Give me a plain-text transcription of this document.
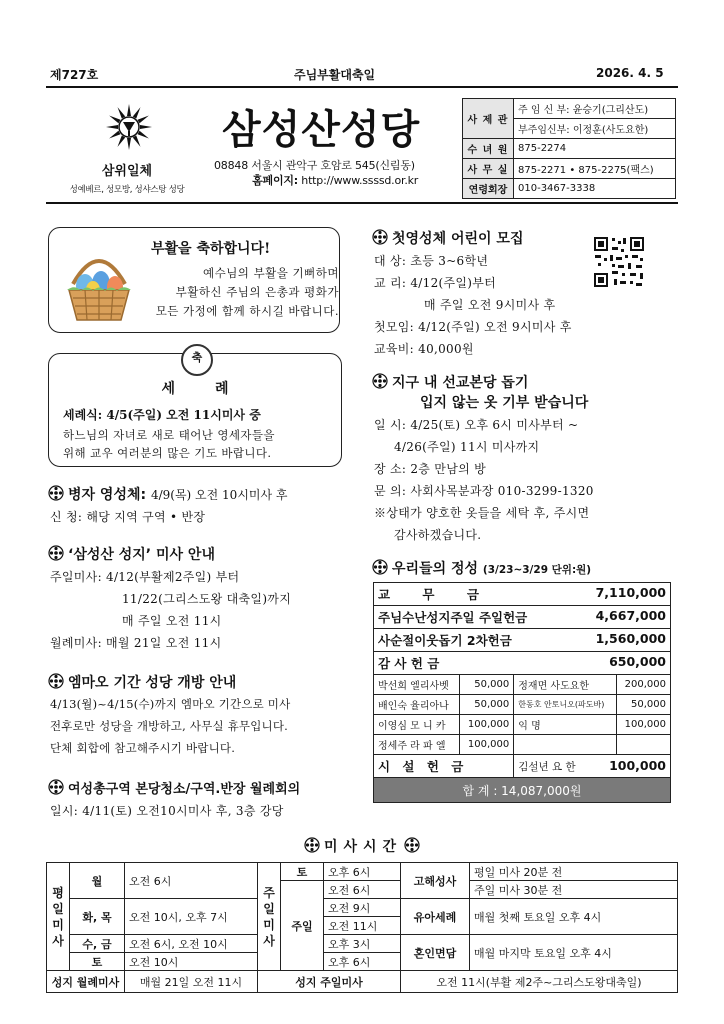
제727호	주님부활대축일	2026. 4. 5
삼성산성당
삼위일체
성예베르, 성모방, 성샤스탕 성당
08848 서울시 관악구 호암로 545(신림동)
홈페이지: http://www.ssssd.or.kr
사 제 관	주 임 신 부: 윤승기(그리산도)
	부주임신부: 이정훈(사도요한)
수 녀 원	875-2274
사 무 실	875-2271 • 875-2275(팩스)
연령회장	010-3467-3338
부활을 축하합니다!
예수님의 부활을 기뻐하며
부활하신 주님의 은총과 평화가
모든 가정에 함께 하시길 바랍니다.
축
세례
세례식: 4/5(주일) 오전 11시미사 중
하느님의 자녀로 새로 태어난 영세자들을
위해 교우 여러분의 많은 기도 바랍니다.
병자 영성체: 4/9(목) 오전 10시미사 후
신 청: 해당 지역 구역 • 반장
‘삼성산 성지’ 미사 안내
주일미사: 4/12(부활제2주일) 부터
11/22(그리스도왕 대축일)까지
매 주일 오전 11시
월례미사: 매월 21일 오전 11시
엠마오 기간 성당 개방 안내
4/13(월)~4/15(수)까지 엠마오 기간으로 미사
전후로만 성당을 개방하고, 사무실 휴무입니다.
단체 회합에 참고해주시기 바랍니다.
여성총구역 본당청소/구역.반장 월례회의
일시: 4/11(토) 오전10시미사 후, 3층 강당
첫영성체 어린이 모집
대 상: 초등 3~6학년
교 리: 4/12(주일)부터
매 주일 오전 9시미사 후
첫모임: 4/12(주일) 오전 9시미사 후
교육비: 40,000원
지구 내 선교본당 돕기
입지 않는 옷 기부 받습니다
일 시: 4/25(토) 오후 6시 미사부터 ~
4/26(주일) 11시 미사까지
장 소: 2층 만남의 방
문 의: 사회사목분과장 010-3299-1320
※상태가 양호한 옷들을 세탁 후, 주시면
감사하겠습니다.
우리들의 정성 (3/23~3/29 단위:원)
교 무 금 7,110,000			

주님수난성지주일 주일헌금 4,667,000			

사순절이웃돕기 2차헌금 1,560,000			

감 사 헌 금 650,000			

박선희 엘리사벳	50,000	정재면 사도요한	200,000
배인숙 율리아나	50,000	한동호 안토니오(파도바)	50,000
이영심 모 니 카	100,000	익 명	100,000
정세주 라 파 엘	100,000		
시 설 헌 금		김설년 요 한 100,000	

합 계 : 14,087,000원			
미사시간
평일미사	월	오전 6시	주일미사	토	오후 6시	고해성사	평일 미사 20분 전
				주일	오전 6시		주일 미사 30분 전
	화, 목	오전 10시, 오후 7시			오전 9시	유아세례	매월 첫째 토요일 오후 4시
					오전 11시		
	수, 금	오전 6시, 오전 10시			오후 3시	혼인면담	매월 마지막 토요일 오후 4시
	토	오전 10시			오후 6시		
성지 월례미사		매월 21일 오전 11시	성지 주일미사			오전 11시(부활 제2주~그리스도왕대축일)	
